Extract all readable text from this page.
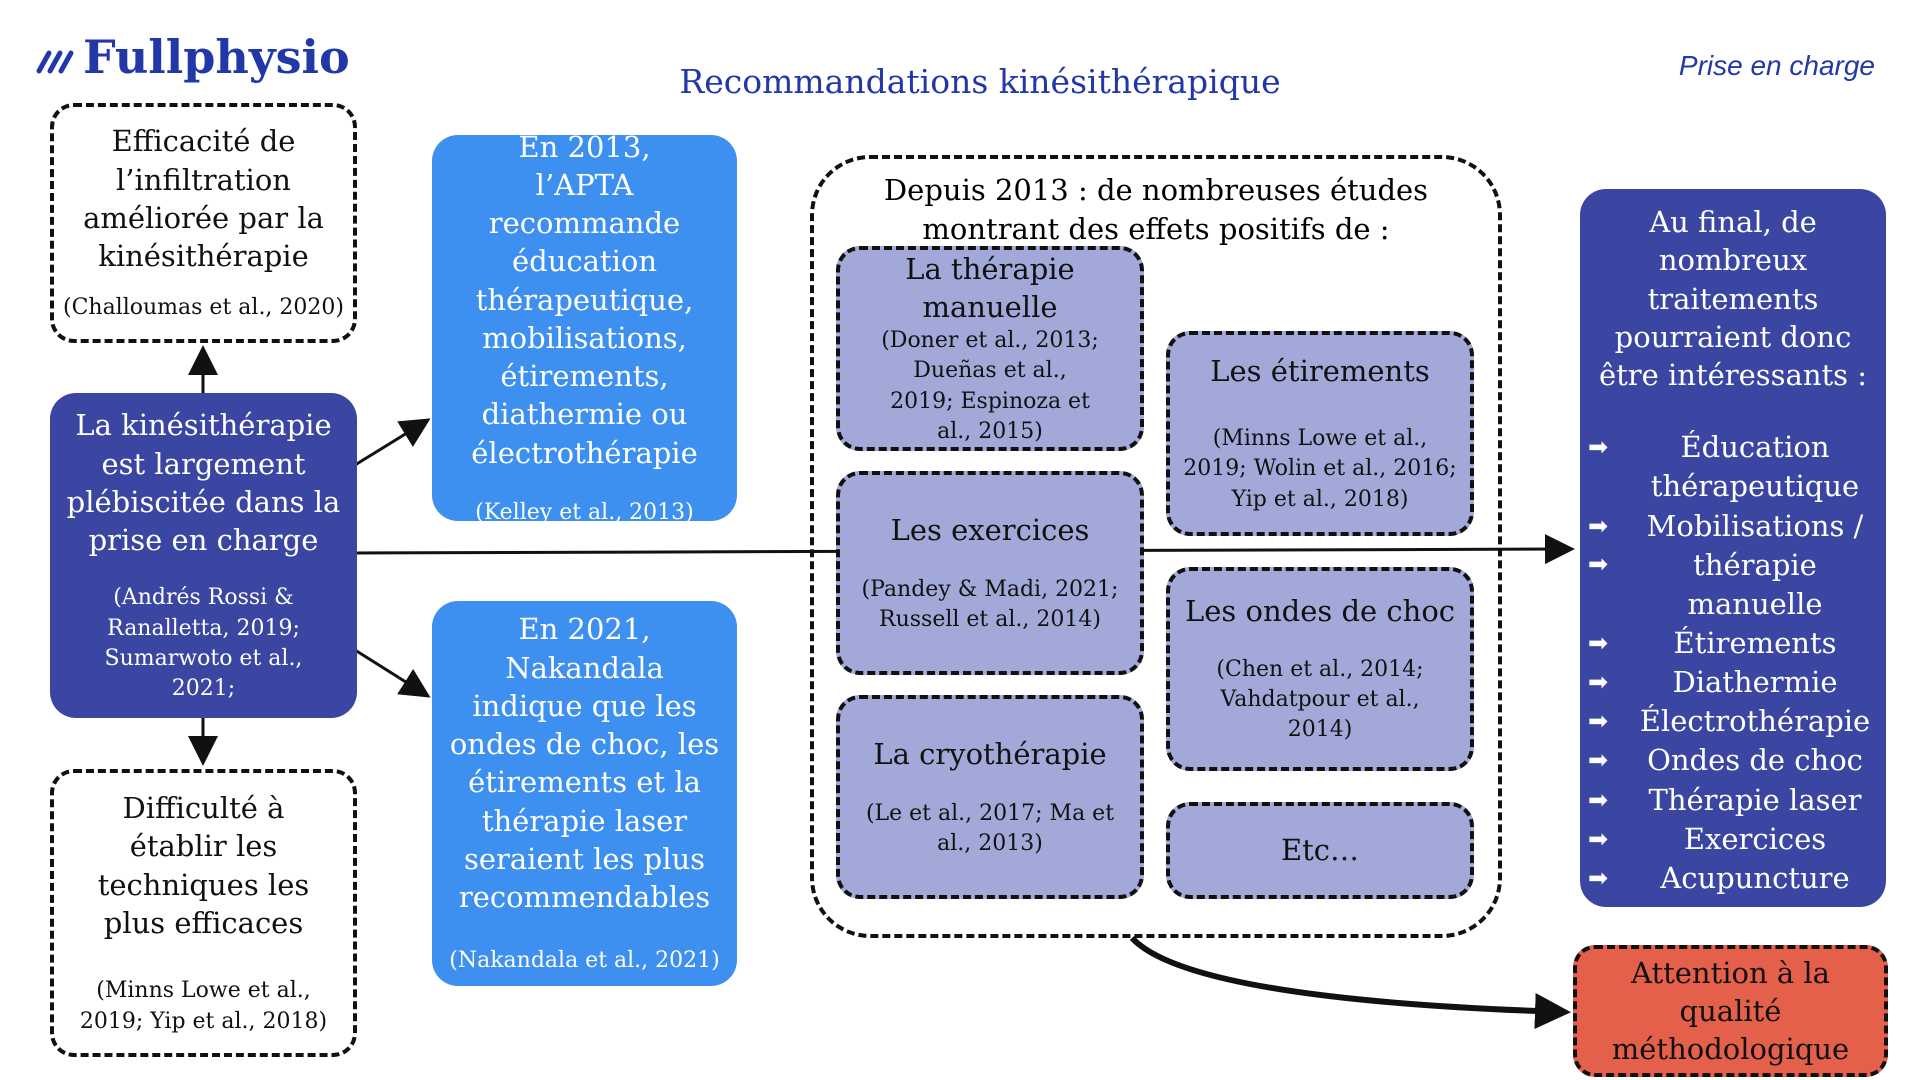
Fullphysio	Recommandations kinésithérapique	Prise en charge
Efficacité de l’infiltration améliorée par la kinésithérapie
(Challoumas et al., 2020)
La kinésithérapie est largement plébiscitée dans la prise en charge
(Andrés Rossi & Ranalletta, 2019; Sumarwoto et al., 2021;
Difficulté à établir les techniques les plus efficaces
(Minns Lowe et al., 2019; Yip et al., 2018)
En 2013, l’APTA recommande éducation thérapeutique, mobilisations, étirements, diathermie ou électrothérapie
(Kelley et al., 2013)
En 2021, Nakandala indique que les ondes de choc, les étirements et la thérapie laser seraient les plus recommendables
(Nakandala et al., 2021)
Depuis 2013 : de nombreuses études montrant des effets positifs de :
La thérapie manuelle
(Doner et al., 2013; Dueñas et al., 2019; Espinoza et al., 2015)
Les exercices
(Pandey & Madi, 2021; Russell et al., 2014)
La cryothérapie
(Le et al., 2017; Ma et al., 2013)
Les étirements
(Minns Lowe et al., 2019; Wolin et al., 2016; Yip et al., 2018)
Les ondes de choc
(Chen et al., 2014; Vahdatpour et al., 2014)
Etc…
Au final, de nombreux traitements pourraient donc être intéressants :
➡	Éducation thérapeutique
➡
➡
Mobilisations / thérapie manuelle
➡	Étirements
➡	Diathermie
➡	Électrothérapie
➡	Ondes de choc
➡	Thérapie laser
➡	Exercices
➡	Acupuncture
Attention à la qualité méthodologique
